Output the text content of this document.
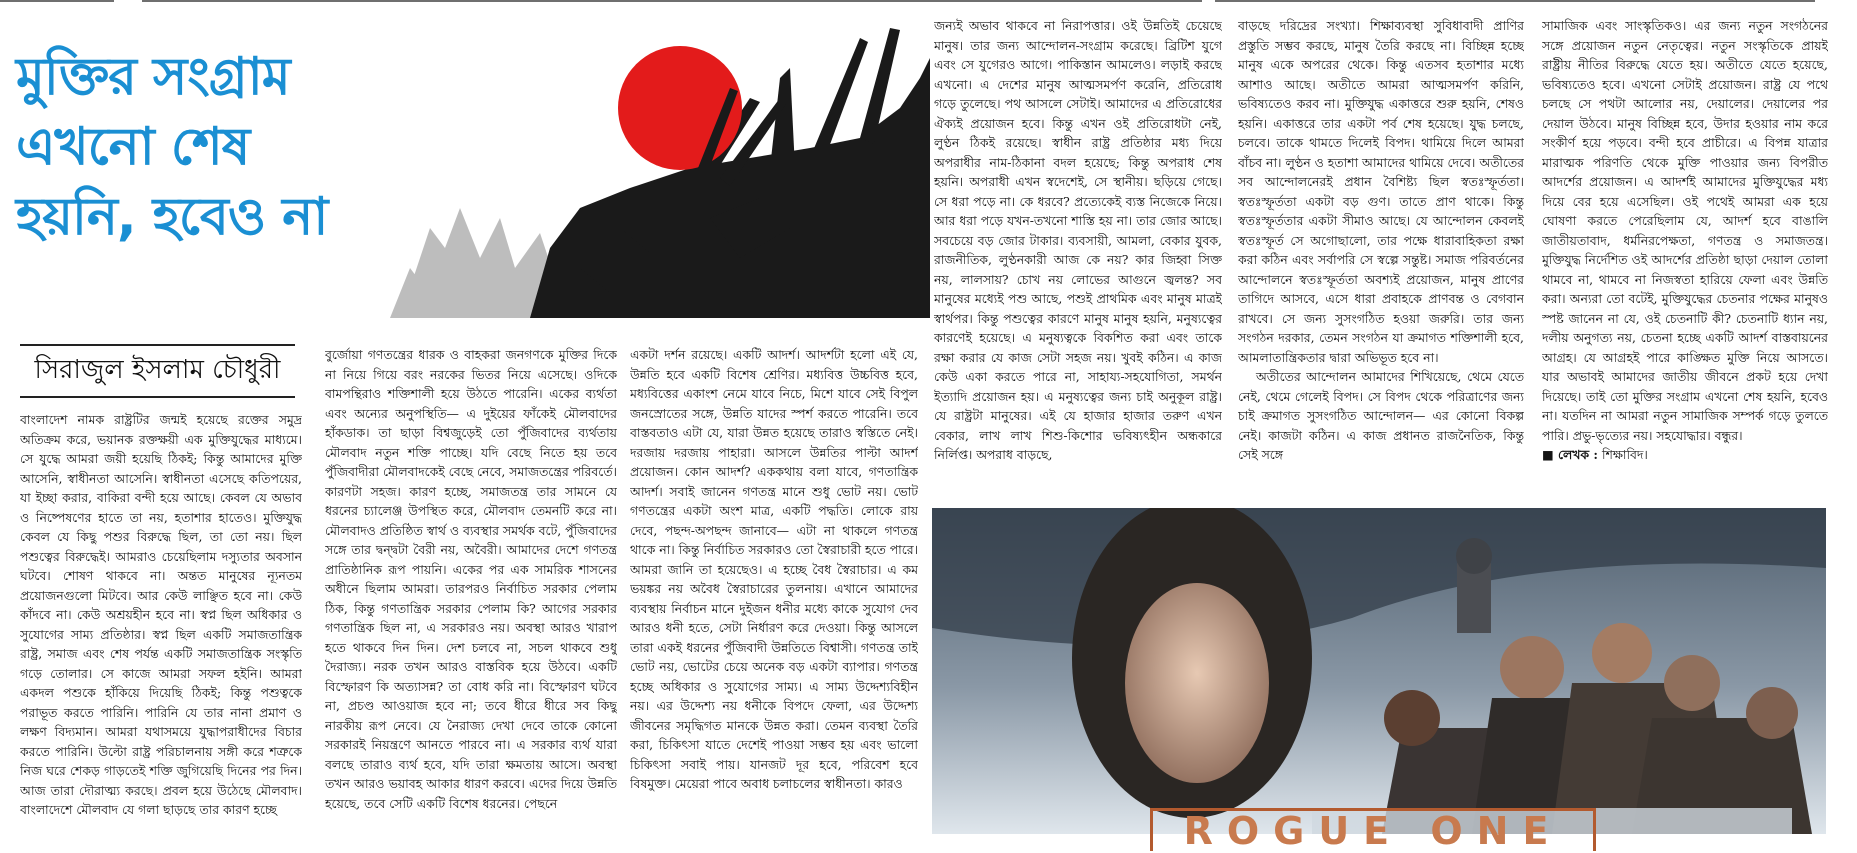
মুক্তির সংগ্রাম
এখনো শেষ
হয়নি, হবেও না
সিরাজুল ইসলাম চৌধুরী

বাংলাদেশ নামক রাষ্ট্রটির জন্মই হয়েছে রক্তের সমুদ্র অতিক্রম করে, ভয়ানক রক্তক্ষয়ী এক মুক্তিযুদ্ধের মাধ্যমে। সে যুদ্ধে আমরা জয়ী হয়েছি ঠিকই; কিন্তু আমাদের মুক্তি আসেনি, স্বাধীনতা আসেনি। স্বাধীনতা এসেছে কতিপয়ের, যা ইচ্ছা করার, বাকিরা বন্দী হয়ে আছে। কেবল যে অভাব ও নিষ্পেষণের হাতে তা নয়, হতাশার হাতেও। মুক্তিযুদ্ধ কেবল যে কিছু পশুর বিরুদ্ধে ছিল, তা তো নয়। ছিল পশুত্বের বিরুদ্ধেই। আমরাও চেয়েছিলাম দস্যুতার অবসান ঘটবে। শোষণ থাকবে না। অন্তত মানুষের ন্যূনতম প্রয়োজনগুলো মিটবে। আর কেউ লাঞ্ছিত হবে না। কেউ কাঁদবে না। কেউ অশ্রয়হীন হবে না। স্বপ্ন ছিল অধিকার ও সুযোগের সাম্য প্রতিষ্ঠার। স্বপ্ন ছিল একটি সমাজতান্ত্রিক রাষ্ট্র, সমাজ এবং শেষ পর্যন্ত একটি সমাজতান্ত্রিক সংস্কৃতি গড়ে তোলার। সে কাজে আমরা সফল হইনি। আমরা একদল পশুকে হাঁকিয়ে দিয়েছি ঠিকই; কিন্তু পশুত্বকে পরাভূত করতে পারিনি। পারিনি যে তার নানা প্রমাণ ও লক্ষণ বিদ্যমান। আমরা যথাসময়ে যুদ্ধাপরাধীদের বিচার করতে পারিনি। উল্টো রাষ্ট্র পরিচালনায় সঙ্গী করে শত্রুকে নিজ ঘরে শেকড় গাড়তেই শক্তি জুগিয়েছি দিনের পর দিন। আজ তারা দৌরাত্ম্য করছে। প্রবল হয়ে উঠেছে মৌলবাদ। বাংলাদেশে মৌলবাদ যে গলা ছাড়ছে তার কারণ হচ্ছে

বুর্জোয়া গণতন্ত্রের ধারক ও বাহকরা জনগণকে মুক্তির দিকে না নিয়ে গিয়ে বরং নরকের ভিতর নিয়ে এসেছে। ওদিকে বামপন্থিরাও শক্তিশালী হয়ে উঠতে পারেনি। একের ব্যর্থতা এবং অন্যের অনুপস্থিতি— এ দুইয়ের ফাঁকেই মৌলবাদের হাঁকডাক। তা ছাড়া বিশ্বজুড়েই তো পুঁজিবাদের ব্যর্থতায় মৌলবাদ নতুন শক্তি পাচ্ছে। যদি বেছে নিতে হয় তবে পুঁজিবাদীরা মৌলবাদকেই বেছে নেবে, সমাজতন্ত্রের পরিবর্তে। কারণটা সহজ। কারণ হচ্ছে, সমাজতন্ত্র তার সামনে যে ধরনের চ্যালেঞ্জ উপস্থিত করে, মৌলবাদ তেমনটি করে না। মৌলবাদও প্রতিষ্ঠিত স্বার্থ ও ব্যবস্থার সমর্থক বটে, পুঁজিবাদের সঙ্গে তার দ্বন্দ্বটা বৈরী নয়, অবৈরী। আমাদের দেশে গণতন্ত্র প্রাতিষ্ঠানিক রূপ পায়নি। একের পর এক সামরিক শাসনের অধীনে ছিলাম আমরা। তারপরও নির্বাচিত সরকার পেলাম ঠিক, কিন্তু গণতান্ত্রিক সরকার পেলাম কি? আগের সরকার গণতান্ত্রিক ছিল না, এ সরকারও নয়। অবস্থা আরও খারাপ হতে থাকবে দিন দিন। দেশ চলবে না, সচল থাকবে শুধু দৈরাজ্য। নরক তখন আরও বাস্তবিক হয়ে উঠবে। একটি বিস্ফোরণ কি অত্যাসন্ন? তা বোধ করি না। বিস্ফোরণ ঘটবে না, প্রচণ্ড আওয়াজ হবে না; তবে ধীরে ধীরে সব কিছু নারকীয় রূপ নেবে। যে নৈরাজ্য দেখা দেবে তাকে কোনো সরকারই নিয়ন্ত্রণে আনতে পারবে না। এ সরকার ব্যর্থ যারা বলছে তারাও ব্যর্থ হবে, যদি তারা ক্ষমতায় আসে। অবস্থা তখন আরও ভয়াবহ আকার ধারণ করবে। এদের দিয়ে উন্নতি হয়েছে, তবে সেটি একটি বিশেষ ধরনের। পেছনে

একটা দর্শন রয়েছে। একটি আদর্শ। আদর্শটা হলো এই যে, উন্নতি হবে একটি বিশেষ শ্রেণির। মধ্যবিত্ত উচ্চবিত্ত হবে, মধ্যবিত্তের একাংশ নেমে যাবে নিচে, মিশে যাবে সেই বিপুল জনস্রোতের সঙ্গে, উন্নতি যাদের স্পর্শ করতে পারেনি। তবে বাস্তবতাও এটা যে, যারা উন্নত হয়েছে তারাও স্বস্তিতে নেই। দরজায় দরজায় পাহারা। আসলে উন্নতির পাল্টা আদর্শ প্রয়োজন। কোন আদর্শ? এককথায় বলা যাবে, গণতান্ত্রিক আদর্শ। সবাই জানেন গণতন্ত্র মানে শুধু ভোট নয়। ভোট গণতন্ত্রের একটা অংশ মাত্র, একটি পদ্ধতি। লোকে রায় দেবে, পছন্দ-অপছন্দ জানাবে— এটা না থাকলে গণতন্ত্র থাকে না। কিন্তু নির্বাচিত সরকারও তো স্বৈরাচারী হতে পারে। আমরা জানি তা হয়েছেও। এ হচ্ছে বৈধ স্বৈরাচার। এ কম ভয়ঙ্কর নয় অবৈধ স্বৈরাচারের তুলনায়। এখানে আমাদের ব্যবস্থায় নির্বাচন মানে দুইজন ধনীর মধ্যে কাকে সুযোগ দেব আরও ধনী হতে, সেটা নির্ধারণ করে দেওয়া। কিন্তু আসলে তারা একই ধরনের পুঁজিবাদী উন্নতিতে বিশ্বাসী। গণতন্ত্র তাই ভোট নয়, ভোটের চেয়ে অনেক বড় একটা ব্যাপার। গণতন্ত্র হচ্ছে অধিকার ও সুযোগের সাম্য। এ সাম্য উদ্দেশ্যবিহীন নয়। এর উদ্দেশ্য নয় ধনীকে বিপদে ফেলা, এর উদ্দেশ্য জীবনের সমৃদ্ধিগত মানকে উন্নত করা। তেমন ব্যবস্থা তৈরি করা, চিকিৎসা যাতে দেশেই পাওয়া সম্ভব হয় এবং ভালো চিকিৎসা সবাই পায়। যানজট দূর হবে, পরিবেশ হবে বিষমুক্ত। মেয়েরা পাবে অবাধ চলাচলের স্বাধীনতা। কারও

জন্যই অভাব থাকবে না নিরাপত্তার। ওই উন্নতিই চেয়েছে মানুষ। তার জন্য আন্দোলন-সংগ্রাম করেছে। ব্রিটিশ যুগে এবং সে যুগেরও আগে। পাকিস্তান আমলেও। লড়াই করছে এখনো। এ দেশের মানুষ আত্মসমর্পণ করেনি, প্রতিরোধ গড়ে তুলেছে। পথ আসলে সেটাই। আমাদের এ প্রতিরোধের ঐক্যই প্রয়োজন হবে। কিন্তু এখন ওই প্রতিরোধটা নেই, লুণ্ঠন ঠিকই রয়েছে। স্বাধীন রাষ্ট্র প্রতিষ্ঠার মধ্য দিয়ে অপরাধীর নাম-ঠিকানা বদল হয়েছে; কিন্তু অপরাধ শেষ হয়নি। অপরাধী এখন স্বদেশেই, সে স্থানীয়। ছড়িয়ে গেছে। সে ধরা পড়ে না। কে ধরবে? প্রত্যেকেই ব্যস্ত নিজেকে নিয়ে। আর ধরা পড়ে যখন-তখনো শাস্তি হয় না। তার জোর আছে। সবচেয়ে বড় জোর টাকার। ব্যবসায়ী, আমলা, বেকার যুবক, রাজনীতিক, লুণ্ঠনকারী আজ কে নয়? কার জিহ্বা সিক্ত নয়, লালসায়? চোখ নয় লোভের আগুনে জ্বলন্ত? সব মানুষের মধ্যেই পশু আছে, পশুই প্রাথমিক এবং মানুষ মাত্রই স্বার্থপর। কিন্তু পশুত্বের কারণে মানুষ মানুষ হয়নি, মনুষ্যত্বের কারণেই হয়েছে। এ মনুষ্যত্বকে বিকশিত করা এবং তাকে রক্ষা করার যে কাজ সেটা সহজ নয়। খুবই কঠিন। এ কাজ কেউ একা করতে পারে না, সাহায্য-সহযোগিতা, সমর্থন ইত্যাদি প্রয়োজন হয়। এ মনুষ্যত্বের জন্য চাই অনুকূল রাষ্ট্র। যে রাষ্ট্রটা মানুষের। এই যে হাজার হাজার তরুণ এখন বেকার, লাখ লাখ শিশু-কিশোর ভবিষ্যৎহীন অন্ধকারে নির্লিপ্ত। অপরাধ বাড়ছে,

বাড়ছে দরিদ্রের সংখ্যা। শিক্ষাব্যবস্থা সুবিধাবাদী প্রাণির প্রস্তুতি সম্ভব করছে, মানুষ তৈরি করছে না। বিচ্ছিন্ন হচ্ছে মানুষ একে অপরের থেকে। কিন্তু এতসব হতাশার মধ্যে আশাও আছে। অতীতে আমরা আত্মসমর্পণ করিনি, ভবিষ্যতেও করব না। মুক্তিযুদ্ধ একাত্তরে শুরু হয়নি, শেষও হয়নি। একাত্তরে তার একটা পর্ব শেষ হয়েছে। যুদ্ধ চলছে, চলবে। তাকে থামতে দিলেই বিপদ। থামিয়ে দিলে আমরা বাঁচব না। লুণ্ঠন ও হতাশা আমাদের থামিয়ে দেবে। অতীতের সব আন্দোলনেরই প্রধান বৈশিষ্ট্য ছিল স্বতঃস্ফূর্ততা। স্বতঃস্ফূর্ততা একটা বড় গুণ। তাতে প্রাণ থাকে। কিন্তু স্বতঃস্ফূর্ততার একটা সীমাও আছে। যে আন্দোলন কেবলই স্বতঃস্ফূর্ত সে অগোছালো, তার পক্ষে ধারাবাহিকতা রক্ষা করা কঠিন এবং সর্বাপরি সে স্বল্পে সন্তুষ্ট। সমাজ পরিবর্তনের আন্দোলনে স্বতঃস্ফূর্ততা অবশ্যই প্রয়োজন, মানুষ প্রাণের তাগিদে আসবে, এসে ধারা প্রবাহকে প্রাণবন্ত ও বেগবান রাখবে। সে জন্য সুসংগঠিত হওয়া জরুরি। তার জন্য সংগঠন দরকার, তেমন সংগঠন যা ক্রমাগত শক্তিশালী হবে, আমলাতান্ত্রিকতার দ্বারা অভিভূত হবে না।

অতীতের আন্দোলন আমাদের শিখিয়েছে, থেমে যেতে নেই, থেমে গেলেই বিপদ। সে বিপদ থেকে পরিত্রাণের জন্য চাই ক্রমাগত সুসংগঠিত আন্দোলন— এর কোনো বিকল্প নেই। কাজটা কঠিন। এ কাজ প্রধানত রাজনৈতিক, কিন্তু সেই সঙ্গে

সামাজিক এবং সাংস্কৃতিকও। এর জন্য নতুন সংগঠনের সঙ্গে প্রয়োজন নতুন নেতৃত্বের। নতুন সংস্কৃতিকে প্রায়ই রাষ্ট্রীয় নীতির বিরুদ্ধে যেতে হয়। অতীতে যেতে হয়েছে, ভবিষ্যতেও হবে। এখনো সেটাই প্রয়োজন। রাষ্ট্র যে পথে চলছে সে পথটা আলোর নয়, দেয়ালের। দেয়ালের পর দেয়াল উঠবে। মানুষ বিচ্ছিন্ন হবে, উদার হওয়ার নাম করে সংকীর্ণ হয়ে পড়বে। বন্দী হবে প্রাচীরে। এ বিপন্ন যাত্রার মারাত্মক পরিণতি থেকে মুক্তি পাওয়ার জন্য বিপরীত আদর্শের প্রয়োজন। এ আদর্শই আমাদের মুক্তিযুদ্ধের মধ্য দিয়ে বের হয়ে এসেছিল। ওই পথেই আমরা এক হয়ে ঘোষণা করতে পেরেছিলাম যে, আদর্শ হবে বাঙালি জাতীয়তাবাদ, ধর্মনিরপেক্ষতা, গণতন্ত্র ও সমাজতন্ত্র। মুক্তিযুদ্ধ নির্দেশিত ওই আদর্শের প্রতিষ্ঠা ছাড়া দেয়াল তোলা থামবে না, থামবে না নিজস্বতা হারিয়ে ফেলা এবং উন্নতি করা। অন্যরা তো বটেই, মুক্তিযুদ্ধের চেতনার পক্ষের মানুষও স্পষ্ট জানেন না যে, ওই চেতনাটি কী? চেতনাটি ধ্যান নয়, দলীয় অনুগত্য নয়, চেতনা হচ্ছে একটি আদর্শ বাস্তবায়নের আগ্রহ। যে আগ্রহই পারে কাঙ্ক্ষিত মুক্তি নিয়ে আসতে। যার অভাবই আমাদের জাতীয় জীবনে প্রকট হয়ে দেখা দিয়েছে। তাই তো মুক্তির সংগ্রাম এখনো শেষ হয়নি, হবেও না। যতদিন না আমরা নতুন সামাজিক সম্পর্ক গড়ে তুলতে পারি। প্রভু-ভৃত্যের নয়। সহযোদ্ধার। বন্ধুর।

■ লেখক : শিক্ষাবিদ।

ROGUE ONE
